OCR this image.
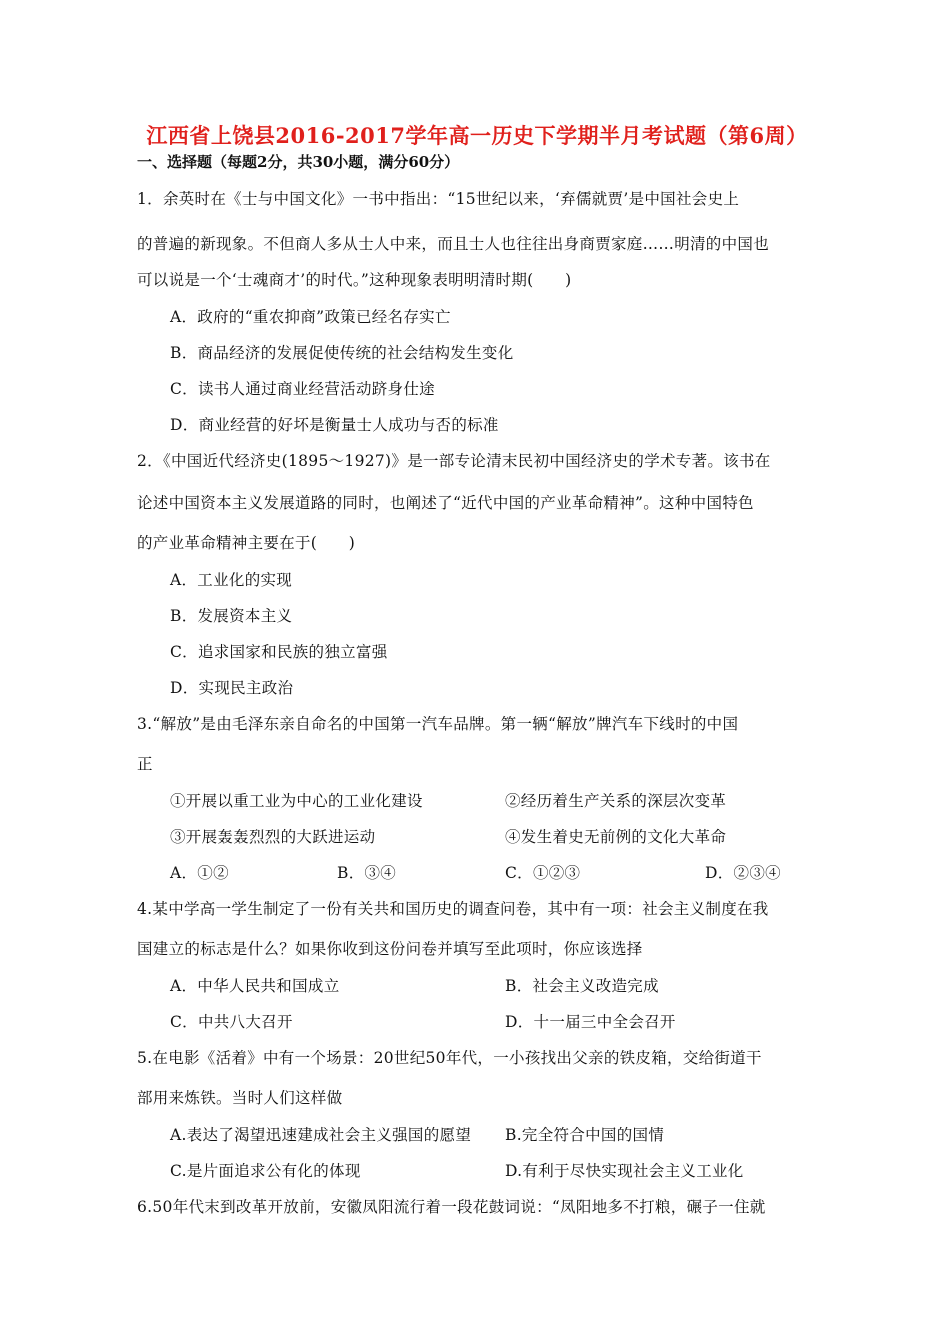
江西省上饶县2016-2017学年高一历史下学期半月考试题（第6周）
一、选择题（每题2分，共30小题，满分60分）
1．余英时在《士与中国文化》一书中指出：“15世纪以来，‘弃儒就贾’是中国社会史上
的普遍的新现象。不但商人多从士人中来，而且士人也往往出身商贾家庭……明清的中国也
可以说是一个‘士魂商才’的时代。”这种现象表明明清时期(　　)
A．政府的“重农抑商”政策已经名存实亡
B．商品经济的发展促使传统的社会结构发生变化
C．读书人通过商业经营活动跻身仕途
D．商业经营的好坏是衡量士人成功与否的标准
2．《中国近代经济史(1895～1927)》是一部专论清末民初中国经济史的学术专著。该书在
论述中国资本主义发展道路的同时，也阐述了“近代中国的产业革命精神”。这种中国特色
的产业革命精神主要在于(　　)
A．工业化的实现
B．发展资本主义
C．追求国家和民族的独立富强
D．实现民主政治
3.“解放”是由毛泽东亲自命名的中国第一汽车品牌。第一辆“解放”牌汽车下线时的中国
正
①开展以重工业为中心的工业化建设	②经历着生产关系的深层次变革
③开展轰轰烈烈的大跃进运动	④发生着史无前例的文化大革命
A．①②	B．③④	C．①②③	D．②③④
4.某中学高一学生制定了一份有关共和国历史的调查问卷，其中有一项：社会主义制度在我
国建立的标志是什么？如果你收到这份问卷并填写至此项时，你应该选择
A．中华人民共和国成立	B．社会主义改造完成
C．中共八大召开	D．十一届三中全会召开
5.在电影《活着》中有一个场景：20世纪50年代，一小孩找出父亲的铁皮箱，交给街道干
部用来炼铁。当时人们这样做
A.表达了渴望迅速建成社会主义强国的愿望 B.完全符合中国的国情
C.是片面追求公有化的体现	D.有利于尽快实现社会主义工业化
6.50年代末到改革开放前，安徽凤阳流行着一段花鼓词说：“凤阳地多不打粮，碾子一住就
